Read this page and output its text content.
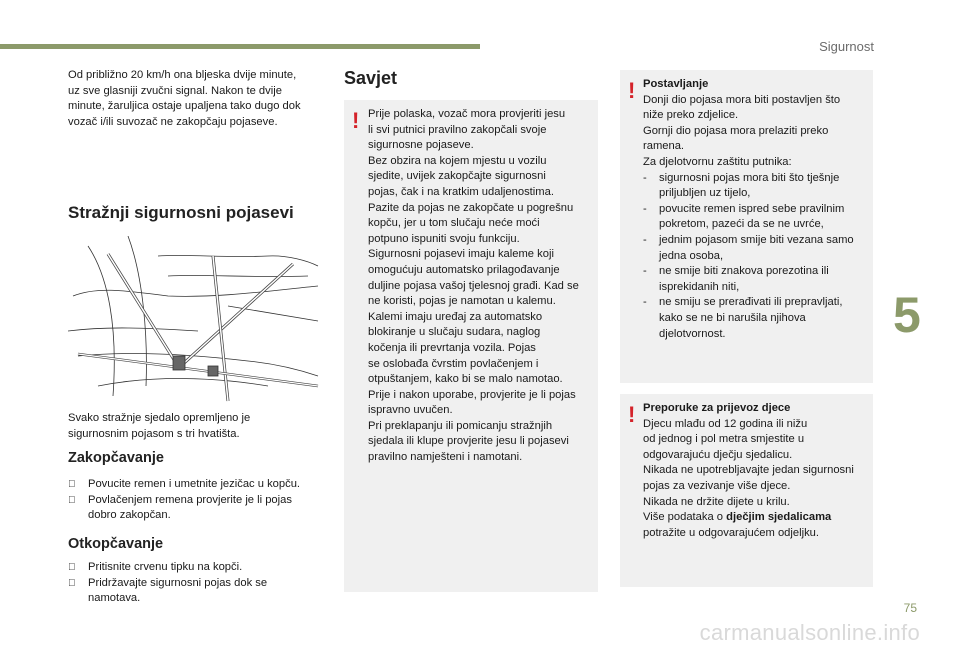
Sigurnost
5
Od približno 20 km/h ona bljeska dvije minute,
uz sve glasniji zvučni signal. Nakon te dvije
minute, žaruljica ostaje upaljena tako dugo dok
vozač i/ili suvozač ne zakopčaju pojaseve.
Stražnji sigurnosni pojasevi
Svako stražnje sjedalo opremljeno je
sigurnosnim pojasom s tri hvatišta.
Zakopčavanje
Povucite remen i umetnite jezičac u kopču.
Povlačenjem remena provjerite je li pojas
dobro zakopčan.
Otkopčavanje
Pritisnite crvenu tipku na kopči.
Pridržavajte sigurnosni pojas dok se
namotava.
Savjet
! Prije polaska, vozač mora provjeriti jesu
li svi putnici pravilno zakopčali svoje
sigurnosne pojaseve.
Bez obzira na kojem mjestu u vozilu
sjedite, uvijek zakopčajte sigurnosni
pojas, čak i na kratkim udaljenostima.
Pazite da pojas ne zakopčate u pogrešnu
kopču, jer u tom slučaju neće moći
potpuno ispuniti svoju funkciju.
Sigurnosni pojasevi imaju kaleme koji
omogućuju automatsko prilagođavanje
duljine pojasa vašoj tjelesnoj građi. Kad se
ne koristi, pojas je namotan u kalemu.
Kalemi imaju uređaj za automatsko
blokiranje u slučaju sudara, naglog
kočenja ili prevrtanja vozila. Pojas
se oslobađa čvrstim povlačenjem i
otpuštanjem, kako bi se malo namotao.
Prije i nakon uporabe, provjerite je li pojas
ispravno uvučen.
Pri preklapanju ili pomicanju stražnjih
sjedala ili klupe provjerite jesu li pojasevi
pravilno namješteni i namotani.
! Postavljanje
Donji dio pojasa mora biti postavljen što
niže preko zdjelice.
Gornji dio pojasa mora prelaziti preko
ramena.
Za djelotvornu zaštitu putnika:
-	sigurnosni pojas mora biti što tješnje
priljubljen uz tijelo,
-	povucite remen ispred sebe pravilnim
pokretom, pazeći da se ne uvrće,
-	jednim pojasom smije biti vezana samo
jedna osoba,
-	ne smije biti znakova porezotina ili
isprekidanih niti,
-	ne smiju se prerađivati ili prepravljati,
kako se ne bi narušila njihova
djelotvornost.
! Preporuke za prijevoz djece
Djecu mlađu od 12 godina ili nižu
od jednog i pol metra smjestite u
odgovarajuću dječju sjedalicu.
Nikada ne upotrebljavajte jedan sigurnosni
pojas za vezivanje više djece.
Nikada ne držite dijete u krilu.
Više podataka o dječjim sjedalicama
potražite u odgovarajućem odjeljku.
75
carmanualsonline.info
